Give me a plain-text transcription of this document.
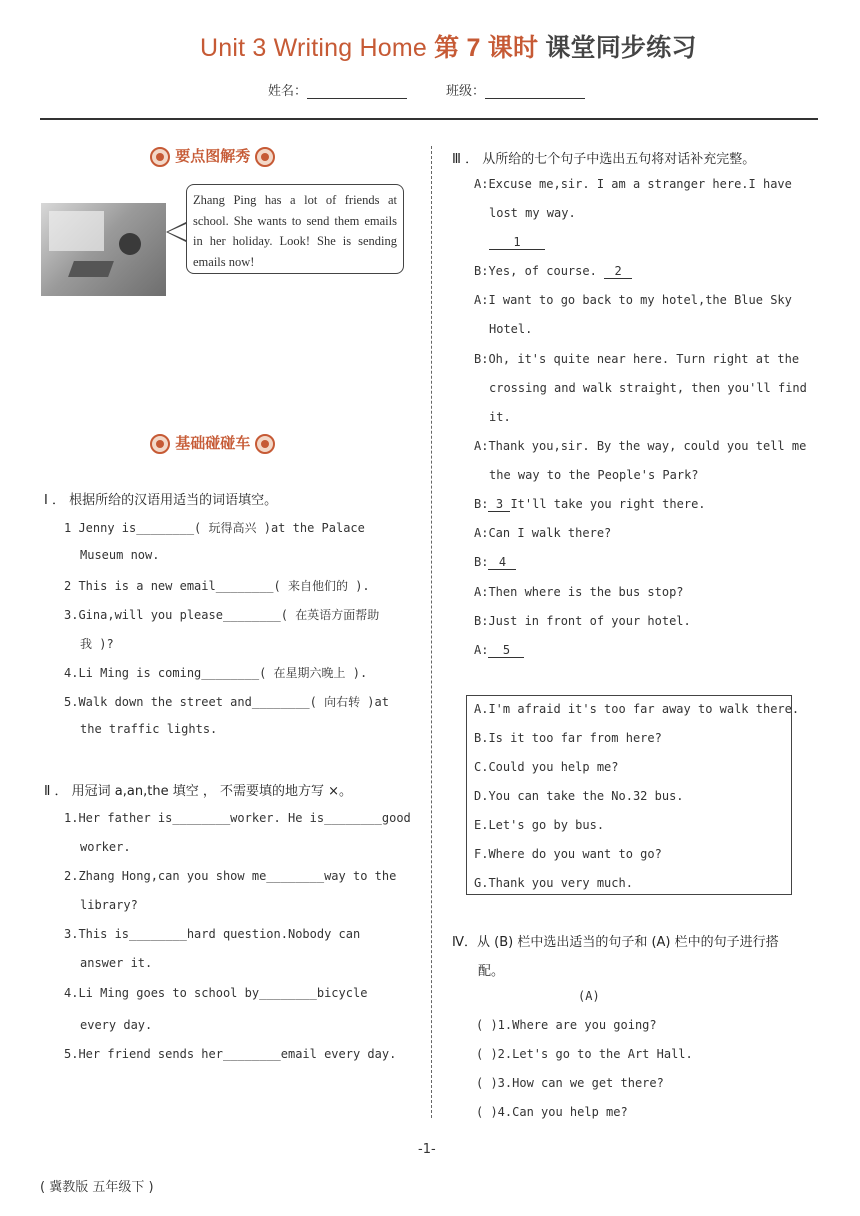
Unit 3 Writing Home 第 7 课时 课堂同步练习
姓名：	班级：
要点图解秀
Zhang Ping has a lot of friends at school. She wants to send them emails in her holiday. Look! She is sending emails now!
基础碰碰车
Ⅰ ． 根据所给的汉语用适当的词语填空。
1 Jenny is________( 玩得高兴 )at the Palace
Museum now.
2 This is a new email________( 来自他们的 ).
3.Gina,will you please________( 在英语方面帮助
我 )?
4.Li Ming is coming________( 在星期六晚上 ).
5.Walk down the street and________( 向右转 )at
the traffic lights.
Ⅱ ． 用冠词 a,an,the 填空 ， 不需要填的地方写 ×。
1.Her father is________worker. He is________good
worker.
2.Zhang Hong,can you show me________way to the
library?
3.This is________hard question.Nobody can
answer it.
4.Li Ming goes to school by________bicycle
every day.
5.Her friend sends her________email every day.
Ⅲ ． 从所给的七个句子中选出五句将对话补充完整。
A:Excuse me,sir. I am a stranger here.I have
lost my way.
1
B:Yes, of course. 2
A:I want to go back to my hotel,the Blue Sky
Hotel.
B:Oh, it's quite near here. Turn right at the
crossing and walk straight, then you'll find
it.
A:Thank you,sir. By the way, could you tell me
the way to the People's Park?
B: 3 It'll take you right there.
A:Can I walk there?
B: 4
A:Then where is the bus stop?
B:Just in front of your hotel.
A: 5
A.I'm afraid it's too far away to walk there.
B.Is it too far from here?
C.Could you help me?
D.You can take the No.32 bus.
E.Let's go by bus.
F.Where do you want to go?
G.Thank you very much.
Ⅳ．从 (B) 栏中选出适当的句子和 (A) 栏中的句子进行搭
配。
(A)
( )1.Where are you going?
( )2.Let's go to the Art Hall.
( )3.How can we get there?
( )4.Can you help me?
-1-
( 冀教版 五年级下 )
